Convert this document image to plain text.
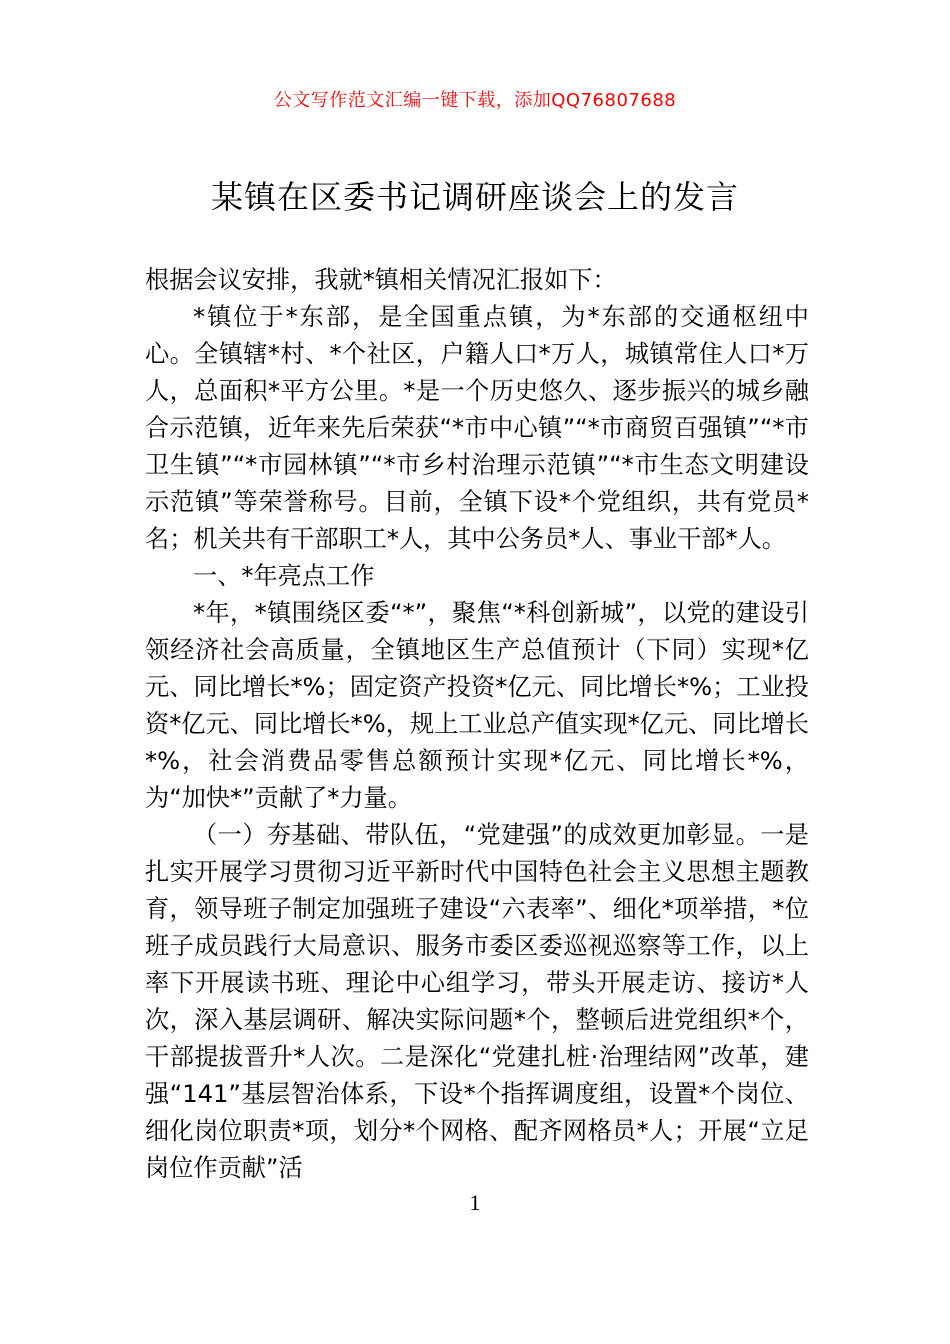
公文写作范文汇编一键下载，添加QQ76807688
某镇在区委书记调研座谈会上的发言

根据会议安排，我就*镇相关情况汇报如下：

*镇位于*东部，是全国重点镇，为*东部的交通枢纽中心。全镇辖*村、*个社区，户籍人口*万人，城镇常住人口*万人，总面积*平方公里。*是一个历史悠久、逐步振兴的城乡融合示范镇，近年来先后荣获“*市中心镇”“*市商贸百强镇”“*市卫生镇”“*市园林镇”“*市乡村治理示范镇”“*市生态文明建设示范镇”等荣誉称号。目前，全镇下设*个党组织，共有党员*名；机关共有干部职工*人，其中公务员*人、事业干部*人。

一、*年亮点工作

*年，*镇围绕区委“*”，聚焦“*科创新城”，以党的建设引领经济社会高质量，全镇地区生产总值预计（下同）实现*亿元、同比增长*%；固定资产投资*亿元、同比增长*%；工业投资*亿元、同比增长*%，规上工业总产值实现*亿元、同比增长*%，社会消费品零售总额预计实现*亿元、同比增长*%，为“加快*”贡献了*力量。

（一）夯基础、带队伍，“党建强”的成效更加彰显。一是扎实开展学习贯彻习近平新时代中国特色社会主义思想主题教育，领导班子制定加强班子建设“六表率”、细化*项举措，*位班子成员践行大局意识、服务市委区委巡视巡察等工作，以上率下开展读书班、理论中心组学习，带头开展走访、接访*人次，深入基层调研、解决实际问题*个，整顿后进党组织*个，干部提拔晋升*人次。二是深化“党建扎桩·治理结网”改革，建强“141”基层智治体系，下设*个指挥调度组，设置*个岗位、细化岗位职责*项，划分*个网格、配齐网格员*人；开展“立足岗位作贡献”活

1
